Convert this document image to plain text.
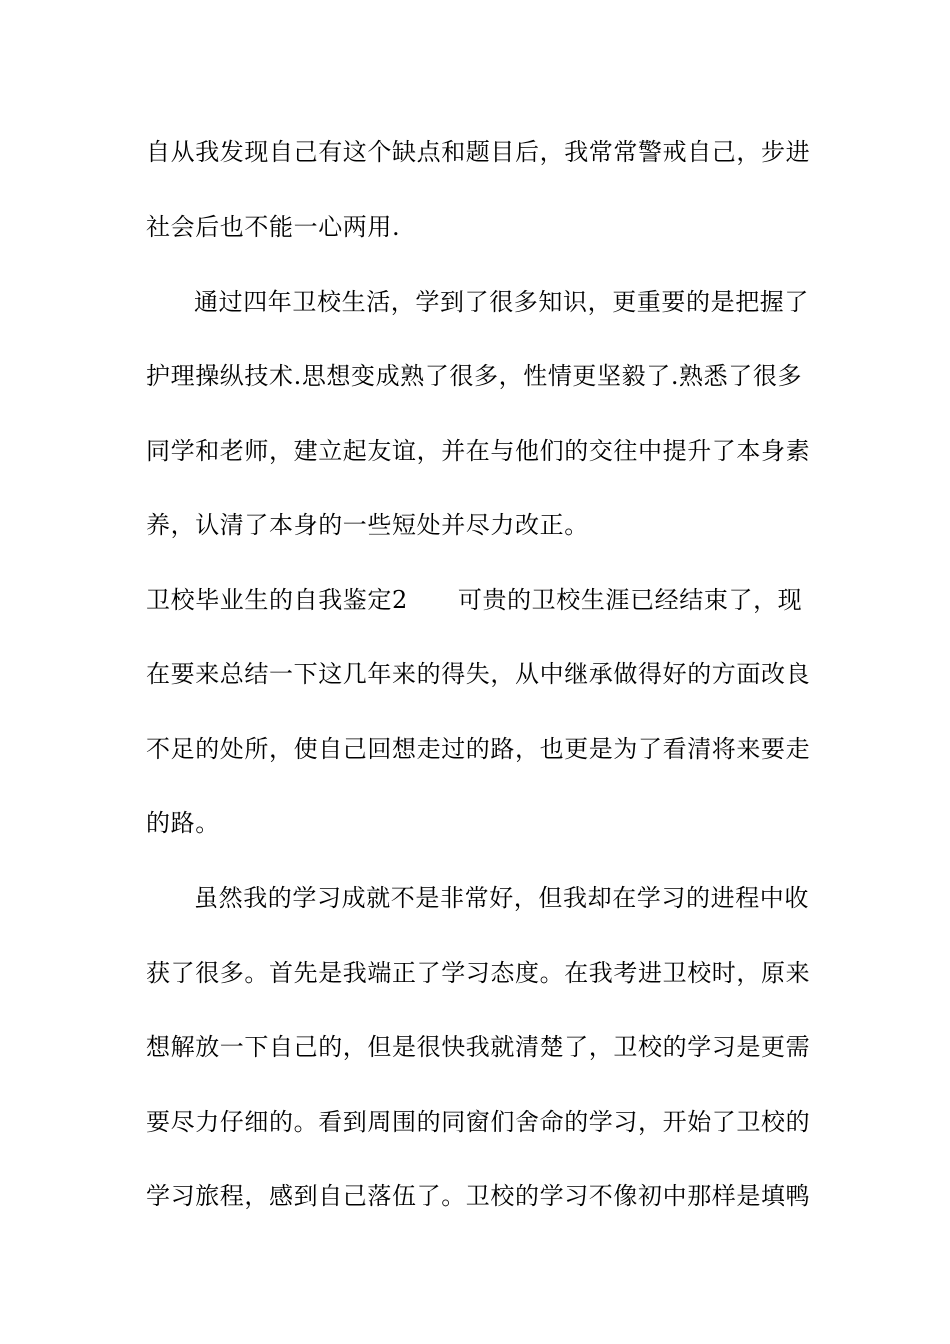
自从我发现自己有这个缺点和题目后，我常常警戒自己，步进
社会后也不能一心两用.
通过四年卫校生活，学到了很多知识，更重要的是把握了
护理操纵技术.思想变成熟了很多，性情更坚毅了.熟悉了很多
同学和老师，建立起友谊，并在与他们的交往中提升了本身素
养，认清了本身的一些短处并尽力改正。
卫校毕业生的自我鉴定2 可贵的卫校生涯已经结束了，现
在要来总结一下这几年来的得失，从中继承做得好的方面改良
不足的处所，使自己回想走过的路，也更是为了看清将来要走
的路。
虽然我的学习成就不是非常好，但我却在学习的进程中收
获了很多。首先是我端正了学习态度。在我考进卫校时，原来
想解放一下自己的，但是很快我就清楚了，卫校的学习是更需
要尽力仔细的。看到周围的同窗们舍命的学习，开始了卫校的
学习旅程，感到自己落伍了。卫校的学习不像初中那样是填鸭
